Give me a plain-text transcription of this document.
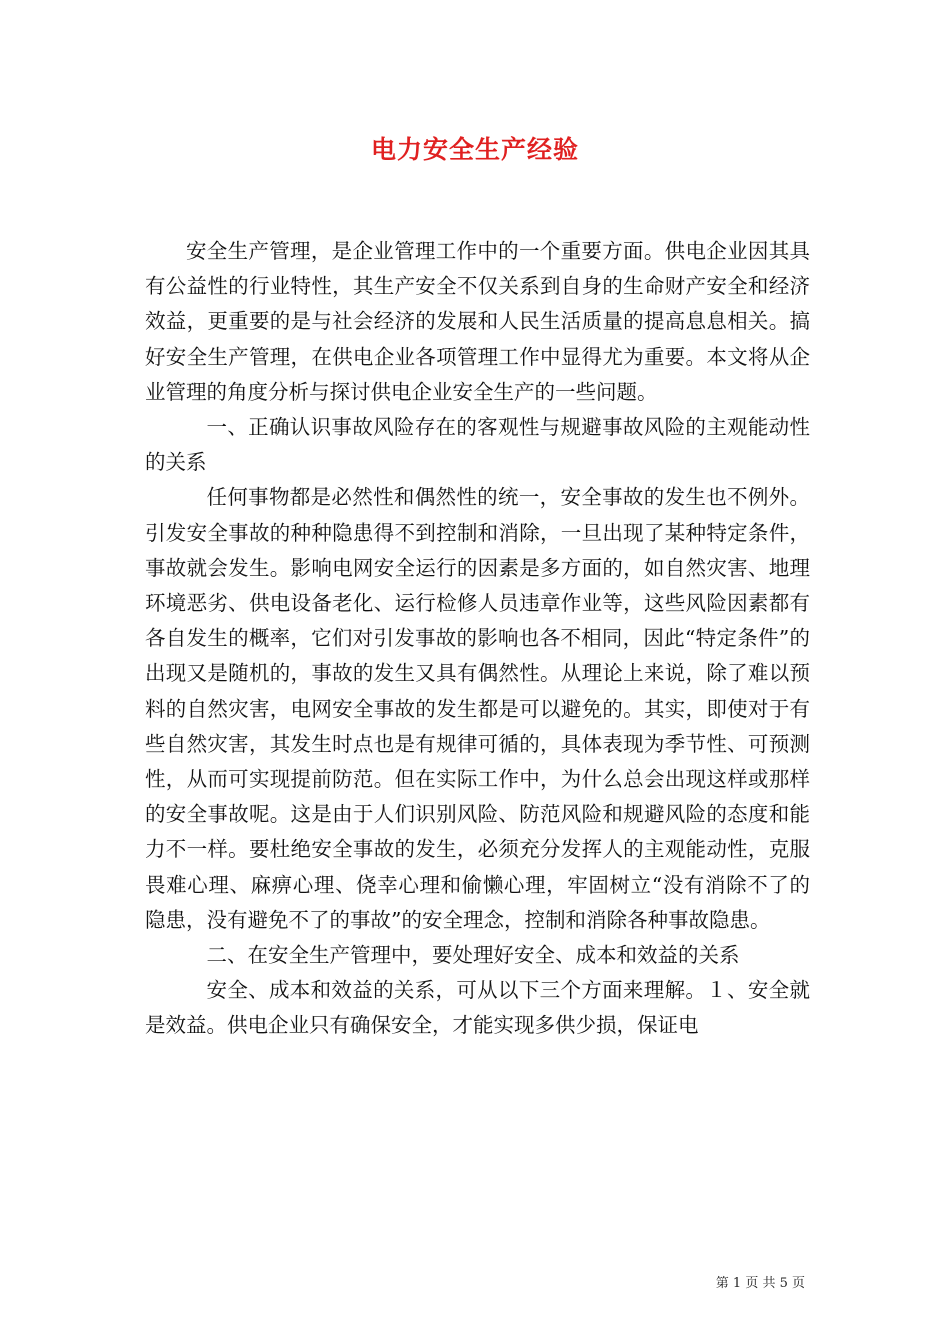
电力安全生产经验

安全生产管理，是企业管理工作中的一个重要方面。供电企业因其具有公益性的行业特性，其生产安全不仅关系到自身的生命财产安全和经济效益，更重要的是与社会经济的发展和人民生活质量的提高息息相关。搞好安全生产管理，在供电企业各项管理工作中显得尤为重要。本文将从企业管理的角度分析与探讨供电企业安全生产的一些问题。

一、正确认识事故风险存在的客观性与规避事故风险的主观能动性的关系

任何事物都是必然性和偶然性的统一，安全事故的发生也不例外。引发安全事故的种种隐患得不到控制和消除，一旦出现了某种特定条件，事故就会发生。影响电网安全运行的因素是多方面的，如自然灾害、地理环境恶劣、供电设备老化、运行检修人员违章作业等，这些风险因素都有各自发生的概率，它们对引发事故的影响也各不相同，因此“特定条件”的出现又是随机的，事故的发生又具有偶然性。从理论上来说，除了难以预料的自然灾害，电网安全事故的发生都是可以避免的。其实，即使对于有些自然灾害，其发生时点也是有规律可循的，具体表现为季节性、可预测性，从而可实现提前防范。但在实际工作中，为什么总会出现这样或那样的安全事故呢。这是由于人们识别风险、防范风险和规避风险的态度和能力不一样。要杜绝安全事故的发生，必须充分发挥人的主观能动性，克服畏难心理、麻痹心理、侥幸心理和偷懒心理，牢固树立“没有消除不了的隐患，没有避免不了的事故”的安全理念，控制和消除各种事故隐患。

二、在安全生产管理中，要处理好安全、成本和效益的关系

安全、成本和效益的关系，可从以下三个方面来理解。１、安全就是效益。供电企业只有确保安全，才能实现多供少损，保证电

第 1 页 共 5 页
